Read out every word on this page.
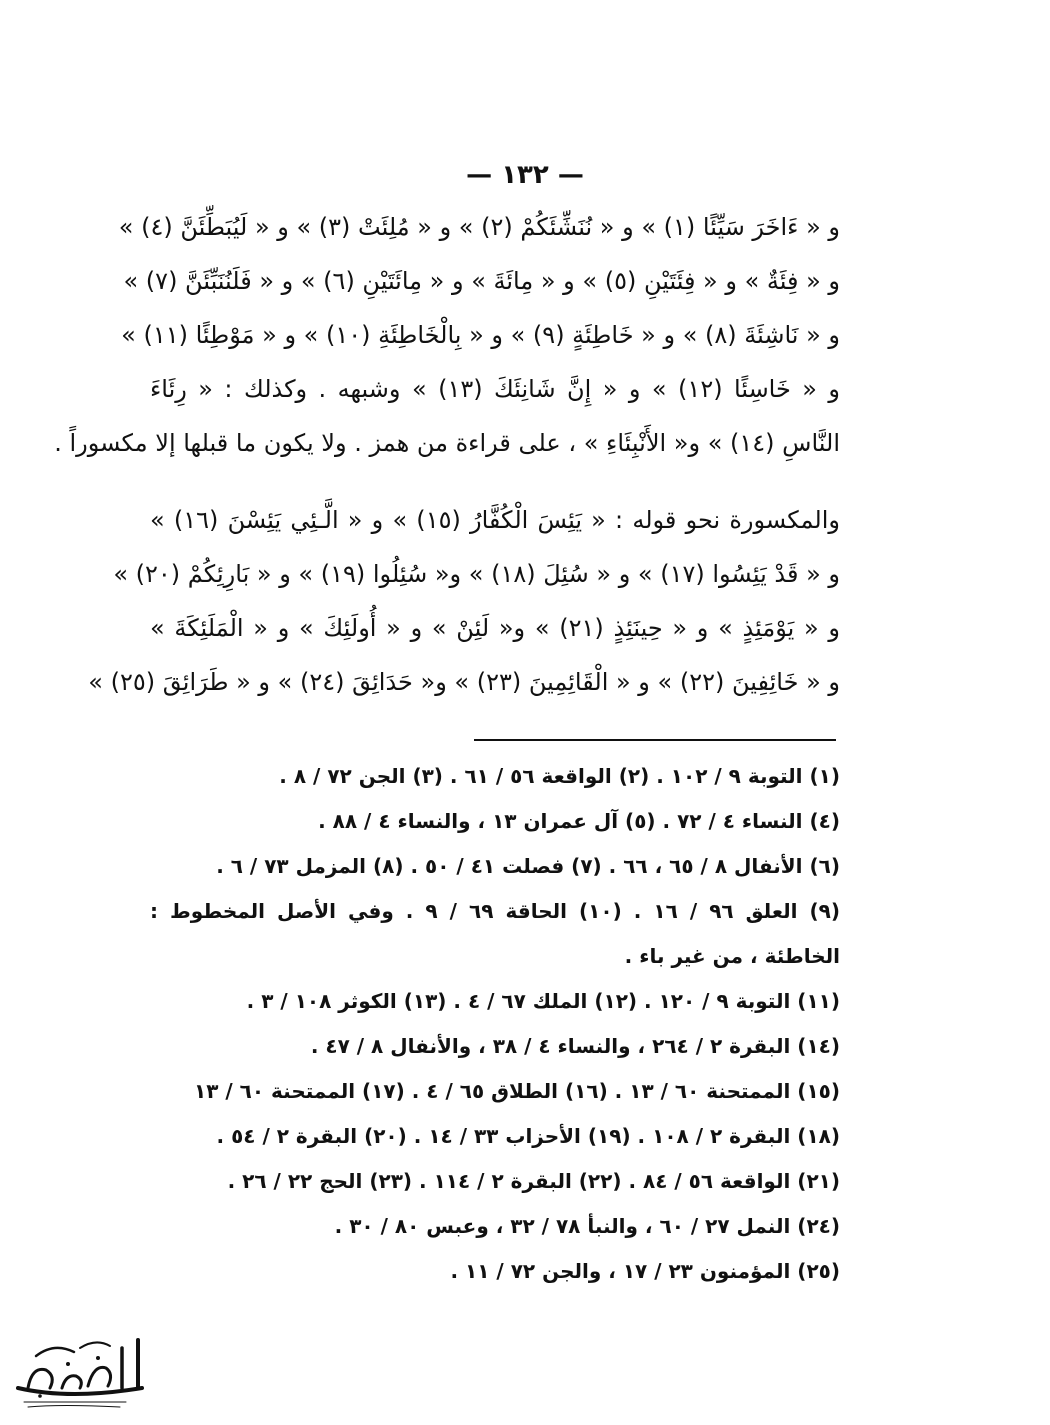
— ١٣٢ —
و « ءَاخَرَ سَيِّئًا (١) » و « نُنَشِّئَكُمْ (٢) » و « مُلِئَتْ (٣) » و « لَيُبَطِّئَنَّ (٤) »
و « فِئَةٌ » و « فِئَتَيْنِ (٥) » و « مِائَةَ » و « مِائَتَيْنِ (٦) » و « فَلَنُنَبِّئَنَّ (٧) »
و « نَاشِئَةَ (٨) » و « خَاطِئَةٍ (٩) » و « بِالْخَاطِئَةِ (١٠) » و « مَوْطِئًا (١١) »
و « خَاسِئًا (١٢) » و « إِنَّ شَانِئَكَ (١٣) » وشبهه . وكذلك : « رِئَاءَ
النَّاسِ (١٤) » و« الأَنْبِئَاءِ » ، على قراءة من همز . ولا يكون ما قبلها إلا مكسوراً .
والمكسورة نحو قوله : « يَئِسَ الْكُفَّارُ (١٥) » و « الَّـئِي يَئِسْنَ (١٦) »
و « قَدْ يَئِسُوا (١٧) » و « سُئِلَ (١٨) » و« سُئِلُوا (١٩) » و « بَارِئِكُمْ (٢٠) »
و « يَوْمَئِذٍ » و « حِينَئِذٍ (٢١) » و« لَئِنْ » و « أُولَئِكَ » و « الْمَلَئِكَةَ »
و « خَائِفِينَ (٢٢) » و « الْقَائِمِينَ (٢٣) » و« حَدَائِقَ (٢٤) » و « طَرَائِقَ (٢٥) »
(١) التوبة ٩ / ١٠٢ . (٢) الواقعة ٥٦ / ٦١ . (٣) الجن ٧٢ / ٨ .
(٤) النساء ٤ / ٧٢ . (٥) آل عمران ١٣ ، والنساء ٤ / ٨٨ .
(٦) الأنفال ٨ / ٦٥ ، ٦٦ . (٧) فصلت ٤١ / ٥٠ . (٨) المزمل ٧٣ / ٦ .
(٩) العلق ٩٦ / ١٦ . (١٠) الحاقة ٦٩ / ٩ . وفي الأصل المخطوط :
الخاطئة ، من غير باء .
(١١) التوبة ٩ / ١٢٠ . (١٢) الملك ٦٧ / ٤ . (١٣) الكوثر ١٠٨ / ٣ .
(١٤) البقرة ٢ / ٢٦٤ ، والنساء ٤ / ٣٨ ، والأنفال ٨ / ٤٧ .
(١٥) الممتحنة ٦٠ / ١٣ . (١٦) الطلاق ٦٥ / ٤ . (١٧) الممتحنة ٦٠ / ١٣
(١٨) البقرة ٢ / ١٠٨ . (١٩) الأحزاب ٣٣ / ١٤ . (٢٠) البقرة ٢ / ٥٤ .
(٢١) الواقعة ٥٦ / ٨٤ . (٢٢) البقرة ٢ / ١١٤ . (٢٣) الحج ٢٢ / ٢٦ .
(٢٤) النمل ٢٧ / ٦٠ ، والنبأ ٧٨ / ٣٢ ، وعبس ٨٠ / ٣٠ .
(٢٥) المؤمنون ٢٣ / ١٧ ، والجن ٧٢ / ١١ .
